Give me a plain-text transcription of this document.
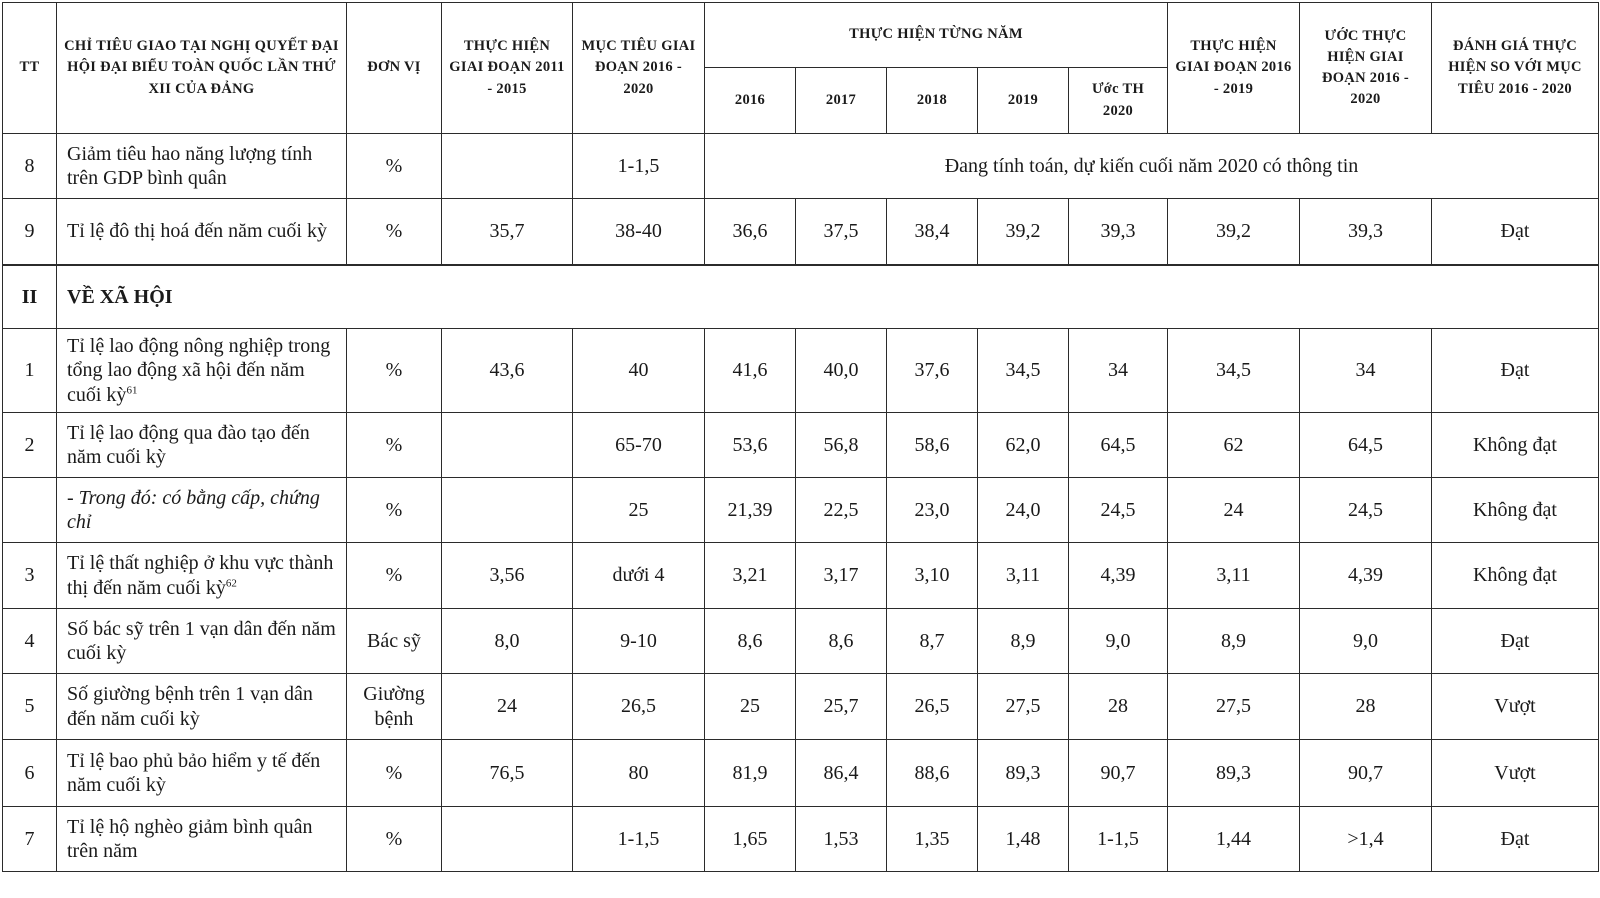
TT	CHỈ TIÊU GIAO TẠI NGHỊ QUYẾT ĐẠI HỘI ĐẠI BIỂU TOÀN QUỐC LẦN THỨ XII CỦA ĐẢNG	ĐƠN VỊ	THỰC HIỆN GIAI ĐOẠN 2011 - 2015	MỤC TIÊU GIAI ĐOẠN 2016 - 2020	THỰC HIỆN TỪNG NĂM					THỰC HIỆN GIAI ĐOẠN 2016 - 2019	ƯỚC THỰC HIỆN GIAI ĐOẠN 2016 - 2020	ĐÁNH GIÁ THỰC HIỆN SO VỚI MỤC TIÊU 2016 - 2020
					2016	2017	2018	2019	Ước TH
2020			
8	Giảm tiêu hao năng lượng tính trên GDP bình quân	%		1-1,5	Đang tính toán, dự kiến cuối năm 2020 có thông tin							
9	Tỉ lệ đô thị hoá đến năm cuối kỳ	%	35,7	38-40	36,6	37,5	38,4	39,2	39,3	39,2	39,3	Đạt
II	VỀ XÃ HỘI											
1	Tỉ lệ lao động nông nghiệp trong tổng lao động xã hội đến năm cuối kỳ$^{61}$	%	43,6	40	41,6	40,0	37,6	34,5	34	34,5	34	Đạt
2	Tỉ lệ lao động qua đào tạo đến năm cuối kỳ	%		65-70	53,6	56,8	58,6	62,0	64,5	62	64,5	Không đạt
	- Trong đó: có bằng cấp, chứng chỉ	%		25	21,39	22,5	23,0	24,0	24,5	24	24,5	Không đạt
3	Tỉ lệ thất nghiệp ở khu vực thành thị đến năm cuối kỳ$^{62}$	%	3,56	dưới 4	3,21	3,17	3,10	3,11	4,39	3,11	4,39	Không đạt
4	Số bác sỹ trên 1 vạn dân đến năm cuối kỳ	Bác sỹ	8,0	9-10	8,6	8,6	8,7	8,9	9,0	8,9	9,0	Đạt
5	Số giường bệnh trên 1 vạn dân đến năm cuối kỳ	Giường
bệnh	24	26,5	25	25,7	26,5	27,5	28	27,5	28	Vượt
6	Tỉ lệ bao phủ bảo hiểm y tế đến năm cuối kỳ	%	76,5	80	81,9	86,4	88,6	89,3	90,7	89,3	90,7	Vượt
7	Tỉ lệ hộ nghèo giảm bình quân trên năm	%		1-1,5	1,65	1,53	1,35	1,48	1-1,5	1,44	>1,4	Đạt
